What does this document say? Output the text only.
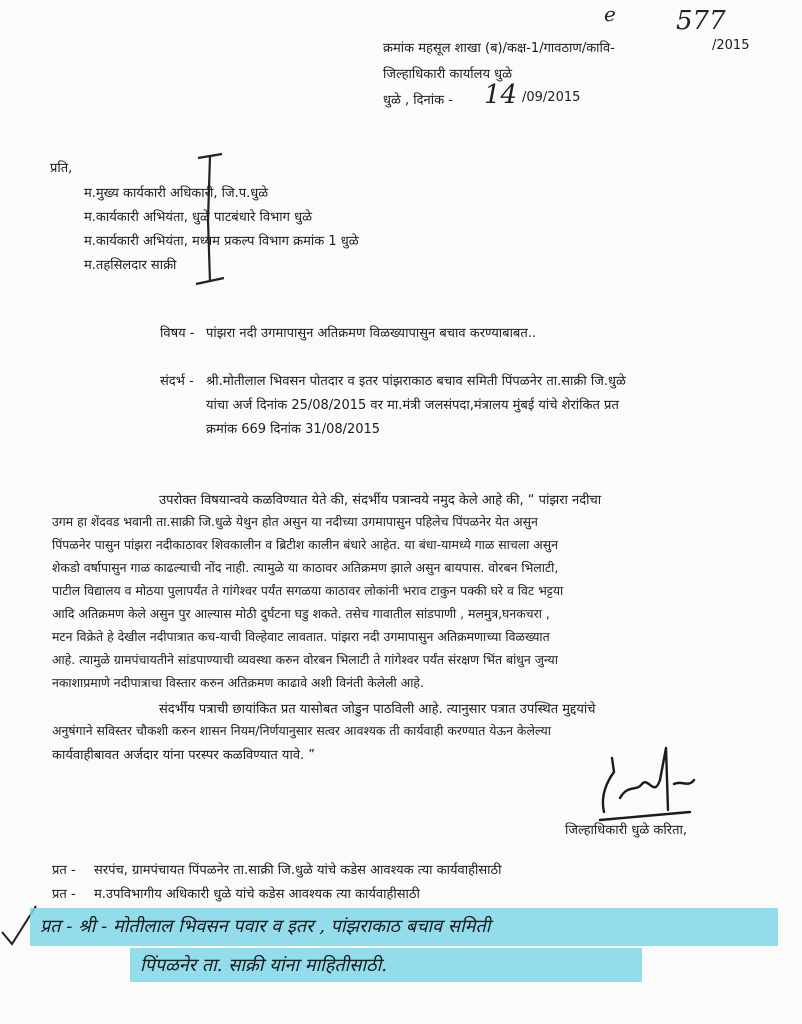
e 577
क्रमांक महसूल शाखा (ब)/कक्ष-1/गावठाण/कावि-	/2015
जिल्हाधिकारी कार्यालय धुळे
धुळे , दिनांक - 14 /09/2015
प्रति,
म.मुख्य कार्यकारी अधिकारी, जि.प.धुळे
म.कार्यकारी अभियंता, धुळे पाटबंधारे विभाग धुळे
म.कार्यकारी अभियंता, मध्यम प्रकल्प विभाग क्रमांक 1 धुळे
म.तहसिलदार साक्री
विषय - पांझरा नदी उगमापासुन अतिक्रमण विळख्यापासुन बचाव करण्याबाबत..
संदर्भ - श्री.मोतीलाल भिवसन पोतदार व इतर पांझराकाठ बचाव समिती पिंपळनेर ता.साक्री जि.धुळे
यांचा अर्ज दिनांक 25/08/2015 वर मा.मंत्री जलसंपदा,मंत्रालय मुंबई यांचे शेरांकित प्रत
क्रमांक 669 दिनांक 31/08/2015
उपरोक्त विषयान्वये कळविण्यात येते की, संदर्भीय पत्रान्वये नमुद केले आहे की, “ पांझरा नदीचा
उगम हा शेंदवड भवानी ता.साक्री जि.धुळे येथुन होत असुन या नदीच्या उगमापासुन पहिलेच पिंपळनेर येत असुन
पिंपळनेर पासुन पांझरा नदीकाठावर शिवकालीन व ब्रिटीश कालीन बंधारे आहेत. या बंधा-यामध्ये गाळ साचला असुन
शेकडो वर्षापासुन गाळ काढल्याची नोंद नाही. त्यामुळे या काठावर अतिक्रमण झाले असुन बायपास. वोरबन भिलाटी,
पाटील विद्यालय व मोठया पुलापर्यंत ते गांगेश्वर पर्यंत सगळया काठावर लोकांनी भराव टाकुन पक्की घरे व विट भट्टया
आदि अतिक्रमण केले असुन पुर आल्यास मोठी दुर्घटना घडु शकते. तसेच गावातील सांडपाणी , मलमुत्र,घनकचरा ,
मटन विक्रेते हे देखील नदीपात्रात कच-याची विल्हेवाट लावतात. पांझरा नदी उगमापासुन अतिक्रमणाच्या विळख्यात
आहे. त्यामुळे ग्रामपंचायतीने सांडपाण्याची व्यवस्था करुन वोरबन भिलाटी ते गांगेश्वर पर्यंत संरक्षण भिंत बांधुन जुन्या
नकाशाप्रमाणे नदीपात्राचा विस्तार करुन अतिक्रमण काढावे अशी विनंती केलेली आहे.
संदर्भीय पत्राची छायांकित प्रत यासोबत जोडुन पाठविली आहे. त्यानुसार पत्रात उपस्थित मुद्दयांचे
अनुषंगाने सविस्तर चौकशी करुन शासन नियम/निर्णयानुसार सत्वर आवश्यक ती कार्यवाही करण्यात येऊन केलेल्या
कार्यवाहीबावत अर्जदार यांना परस्पर कळविण्यात यावे. ”
जिल्हाधिकारी धुळे करिता,
प्रत - सरपंच, ग्रामपंचायत पिंपळनेर ता.साक्री जि.धुळे यांचे कडेस आवश्यक त्या कार्यवाहीसाठी
प्रत - म.उपविभागीय अधिकारी धुळे यांचे कडेस आवश्यक त्या कार्यवाहीसाठी
प्रत - श्री - मोतीलाल भिवसन पवार व इतर , पांझराकाठ बचाव समिती
पिंपळनेर ता. साक्री यांना माहितीसाठी.
